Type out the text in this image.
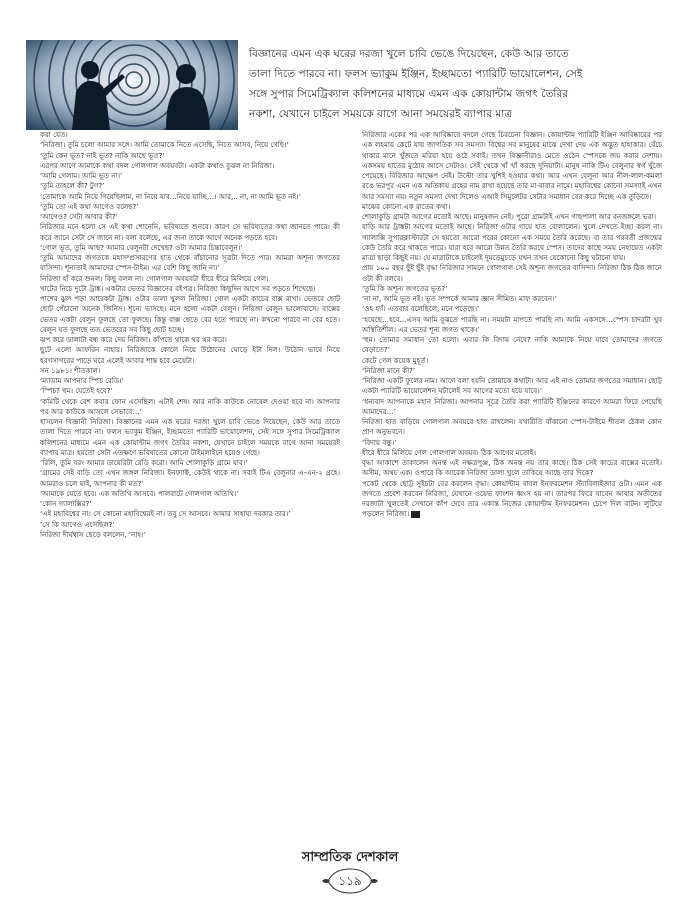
বিজ্ঞানের এমন এক ঘরের দরজা খুলে চাবি ভেঙে দিয়েছেন, কেউ আর তাতে
তালা দিতে পারবে না। ফলস ভ্যাকুম ইঞ্জিন, ইচ্ছামতো প্যারিটি ভায়োলেশন, সেই
সঙ্গে সুপার সিমেট্রিক্যাল কলিশনের মাধ্যমে এমন এক কোয়ান্টাম জগৎ তৈরির
নকশা, যেখানে চাইলে সময়কে বাগে আনা সময়েরই ব্যাপার মাত্র

করা যেত।

‘নিরিজা। তুমি চলো আমার সঙ্গে। আমি তোমাকে নিতে এসেছি, নিতে আসব, নিয়ে গেছি।’

‘তুমি কেন ভূত? নাই ভূত? নাকি আছে ভূত?’

এরপর আগে আমাকে কথা বদল গোলগাল অবয়বটা। একটা কথাও বুঝল না নিরিজা।

‘আমি গেলাম। আমি ভূত না।’

‘তুমি তাহলে কী? টুগ?’

‘তোমাকে আমি নিয়ে গিয়েছিলাম, না নিয়ে যাব…নিয়ে যাচ্ছি…। আর,.. না, না আমি ভূত নই।’

‘তুমি তো এই কথা আগেও বলেছ?’

‘আগেও? সেটা আবার কী?’

নিরিজার মনে হলো সে এই কথা শোনেনি, ভবিষ্যতে শুনবে। কারণ সে ভবিষ্যতের কথা জানতে পারে। কী করে জানে সেটা সে জানে না। বলা বলেছে, এর জন্য তাকে আগে অনেক পড়তে হবে।

‘গোল ভূত, তুমি আছ? আমার বেলুনটা দেখেছ? ওটা আমার চিন্তাবেলুন।’

‘তুমি আমাদের জগতকে মহাসম্প্রসারণের হাত থেকে বাঁচানোর সূত্রটা দিতে পার। আমরা অশূন্য জগতের বাসিন্দা। শূন্যতাই আমাদের স্পেস-টাইম। এর বেশি কিছু জানি না।’

নিরিজা হাঁ করে শুনল। কিছু বলল না। গোলগাল অবয়বটা ধীরে ধীরে মিলিয়ে গেল।

খাটের নিচে দুটো ট্রাঙ্ক। একটার ভেতর বিজ্ঞানের বইপত্র। নিরিজা কিছুদিন আগে সব পড়তে শিখেছে।

পাশের ঝুল পড়া আরেকটা ট্রাঙ্ক। ওটার ডালা খুলল নিরিজা। গোল একটা কাচের বাক্স রাখা। ভেতরে ছোট ছোট পেঁচানো অনেক জিনিস। শূন্যে ভাসছে। মনে হলো একটা বেলুন। নিরিজা বেলুন ভালোবাসে। বাক্সের ভেতর একটা বেলুন ফুলছে তো ফুলছে। কিন্তু বাক্স ছেড়ে বের হতে পারছে না। কখনো পারবে না বের হতে। বেলুন যত ফুলছে তত ভেতরের সব কিছু ছোট হচ্ছে।

ঝপ করে ডালাটা বন্ধ করে দেয় নিরিজা। কাঁপতে থাকে থর থর করে।

ছুটে এলো আফরিন নাহার। নিরিজাকে কোলে নিয়ে উঠোনের ঘোড়ে ইটা দিল। উঠোন ভাবে নিয়ে হরগসাগরের পাড়ে ঘরে এলেই আবার শান্ত হবে মেয়েটা।

সন ১৯৮১। শীতকাল।

‘ম্যাডাম আপনার স্পিচ রেডি।’

‘স্পিচ? হুম। যেতেই হবে?’

‘কমিটি থেকে বেশ কবার ফোন এসেছিল। এটাই শেষ। আর নাকি কাউকে নোবেল দেওয়া হবে না। আপনার পর আর কাউকে আসলে সেভাবে…’

হাসলেন বিজ্ঞানী নিরিজা। বিজ্ঞানের এমন এক ঘরের দরজা খুলে চাবি ভেঙে দিয়েছেন, কেউ আর তাতে তালা দিতে পারবে না। ফলস ভ্যাকুম ইঞ্জিন, ইচ্ছামতো প্যারিটি ভায়োলেশন, সেই সঙ্গে সুপার সিমেট্রিক্যাল কলিশনের মাধ্যমে এমন এক কোয়ান্টাম জগৎ তৈরির নকশা, যেখানে চাইলে সময়কে বাগে আনা সময়েরই ব্যাপার মাত্র। হয়তো সেটা এতক্ষণে ভবিষ্যতের কোনো টাইমলাইনে হয়েও গেছে।

‘রিলি, তুমি বরং আমার ডায়েরিটা রেডি করো। আমি শোলাকুড়ি গ্রামে যাব।’

‘গ্রামের সেই বাড়ি তো এখন জঙ্গল নিরিজা। ইনফ্যাক্ট, কেউই থাকে না। সবাই টিএ বেলুনার এ-এন-২ গ্রহে। আমরাও চলে যাই, আপনার কী মত?’

‘আমাকে যেতে হবে। এক অতিথি আসবে। পালবাটে গোলগাল অতিথি।’

‘কোন গ্যালাক্সির?’

‘এই মহাবিশ্বের না। সে কোনো মহাবিশ্বেরই না। তবু সে আসবে। আমার সাহায্য দরকার তার।’

‘সে কি আগেও এসেছিল?’

নিরিজা দীর্ঘশ্বাস ছেড়ে বললেন, ‘নাহ।’

নিরিজার একের পর এক আবিষ্কারে বদলে গেছে চিরচেনা বিজ্ঞান। কোয়ান্টাম প্যারিটি ইঞ্জিন আবিষ্কারের পর এক লহমায় কেটে যায় জাগতিক সব সমস্যা। বিশ্বের সব মানুষের মাঝে দেখা দেয় এক অদ্ভুত হাহাকার। বেঁচে থাকার মানে খুঁজতে মরিয়া হয়ে ওঠে সবাই। তখন বিজ্ঞানীরাও মেতে ওঠেন স্পেসকে জয় করার নেশায়। একসময় হাতের মুঠোয় আসে সেটাও। সেই থেকে খাঁ খাঁ করছে দুনিয়াটা। মানুষ নাকি টিএ বেলুনার স্বর্গ খুঁজে পেয়েছে। বিরিজার আক্ষেপ নেই। উল্টো তার খুশিই হওয়ার কথা। আর এখন বেলুনা আর নীল-লাল-কমলা রঙে ভরপুর এমন এক অতিকায় গ্রহের নাম রাখা হয়েছে তার মা-বাবার নামে। মহাবিশ্বের কোনো সমস্যাই এখন আর সমস্যা নয়। নতুন সমস্যা দেখা দিলেও এআই সিমুলেটর সেটার সমাধান বের করে দিচ্ছে এক তুড়িতে।

মাঝের কোনো এক রাতের কথা।

শোলাকুড়ি গ্রামটা আগের মতোই আছে। মানুষজন নেই। পুরো গ্রামটাই এখন গাছপালা আর বনজঙ্গলে ভরা।

বাড়ি আর ট্রাঙ্কটা আগের মতোই আছে। নিরিজা ওটার গায়ে হাত বোলালেন। খুলে দেখতে ইচ্ছা করল না। গ্যালাক্সি সুপারক্লাস্টারটা সে হয়তো আরো পরের কোনো এক সময়ে তৈরি করেছে। বা তার পরবর্তী প্রজন্মের কেউ তৈরি করে থাকতে পারে। যারা হবে আরো উন্নত তৈরি করবে স্পেস। তাদের কাছে সময় নেহায়েত একটা মাত্রা ছাড়া কিছুই নয়। যে মাত্রাটাকে চাইলেই দুমড়েমুচড়ে যখন তখন যেকোনো কিছু ঘটানো যায়।

প্রায় ১০০ বছর ছুঁই ছুঁই বৃদ্ধা নিরিজার সামনে গোলগাল সেই অশূন্য জগতের বাসিন্দা। নিরিজা ঠিক ঠিক জানে ওটা কী বলবে।

‘তুমি কি অশূন্য জগতের ভূত?’

‘না না, আমি ভূত নই। ভূত সম্পর্কে আমার জ্ঞান সীমিত। মাফ করবেন।’

‘ওহ হ্যাঁ। এতবার বলেছিলে, মনে পড়েছে।’

‘হয়েছে…হবে…এসব আমি বুঝতে পারছি না। সময়টা মাপতে পারছি না। আমি একসঙ্গে…স্পেস চাদরটা খুব অস্থিতিশীল। এর ভেতর শূন্য জগত থাকে।’

‘হুম। তোমার সমাধান তো হলো। এবার কি বিদায় নেবে? নাকি আমাকে নিয়ে যাবে তোমাদের জগতে বেড়াতে?’

কেটে গেল কয়েক মুহূর্ত।

‘নিরিজা মানে কী?’

‘নিরিজা একটি ফুলের নাম। আগে বলা হয়নি তোমাকে কথাটা। আর এই নাও তোমার জগতের সমাধান। ছোট্ট একটা প্যারিটি ভায়োলেশন ঘটালেই সব আগের মতো হয়ে যাবে।’

‘ধন্যবাদ আপনাকে মহান নিরিজা। আপনার সূত্রে তৈরি করা প্যারিটি ইঞ্জিনের কারণে আমরা ফিরে পেয়েছি আমাদের…’

নিরিজা হাত বাড়িয়ে গোলগাল অবয়বে হাত রাখলেন। যথারীতি বাঁকানো স্পেস-টাইমে শীতল ঠেকল কোন প্রাণ অনুভবনে।

‘বিদায় বন্ধু।’

ধীরে ধীরে মিলিয়ে গেল গোলগাল অবয়ব। ঠিক আগের মতোই।

বৃদ্ধা আকাশে তাকালেন অনন্ত এই নক্ষত্রপুঞ্জ, ঠিক অনন্ত নয় তার কাছে। ঠিক সেই কাচের বাক্সের মতোই। অসীম, অথচ এক। ওপারে কি আরেক নিরিজা ডালা খুলে তাকিয়ে আছে তার দিকে?

পকেট থেকে ছোট্ট সুইচটা বের করলেন বৃদ্ধা। কোয়ান্টাম বাবল ইনফরমেশন স্ট্যাবিলাইজার ওটা। এমন এক জগতে প্রবেশ করবেন নিরিজা, যেখানে ওয়েভ ফাংশন ধ্বংস হয় না। তারপর ফিরে যাবেন আবার অতীতের দরজাটা খুলতেই সেখানে কাঁপ দেবে তার একান্ত নিজের কোয়ান্টাম ইনফরমেশন। চেপে দিল বাটন। লুটিয়ে পড়লেন নিরিজা।

সাম্প্রতিক দেশকাল
১১৯
